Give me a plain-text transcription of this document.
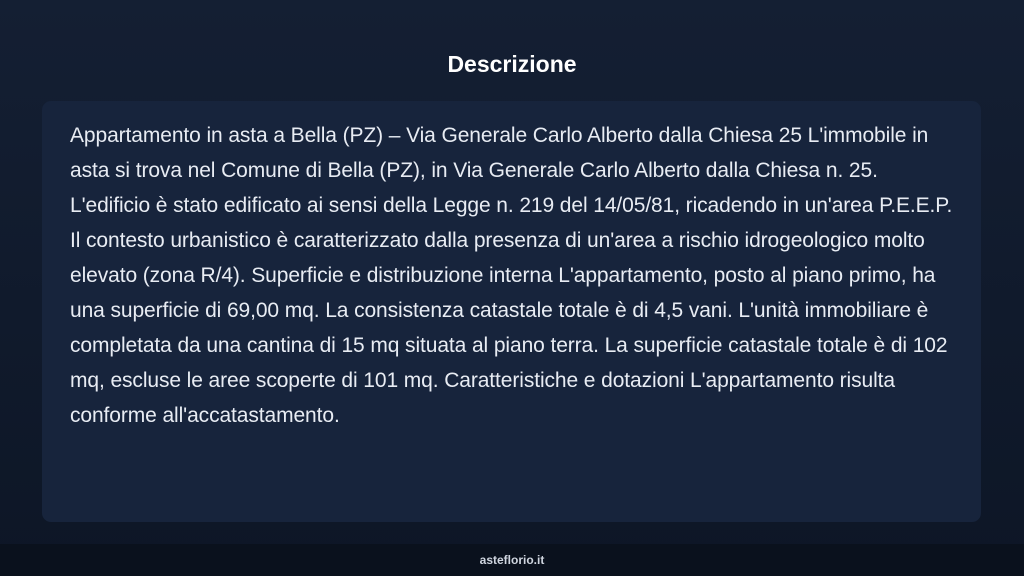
Descrizione

Appartamento in asta a Bella (PZ) – Via Generale Carlo Alberto dalla Chiesa 25 L'immobile in asta si trova nel Comune di Bella (PZ), in Via Generale Carlo Alberto dalla Chiesa n. 25. L'edificio è stato edificato ai sensi della Legge n. 219 del 14/05/81, ricadendo in un'area P.E.E.P. Il contesto urbanistico è caratterizzato dalla presenza di un'area a rischio idrogeologico molto elevato (zona R/4). Superficie e distribuzione interna L'appartamento, posto al piano primo, ha una superficie di 69,00 mq. La consistenza catastale totale è di 4,5 vani. L'unità immobiliare è completata da una cantina di 15 mq situata al piano terra. La superficie catastale totale è di 102 mq, escluse le aree scoperte di 101 mq. Caratteristiche e dotazioni L'appartamento risulta conforme all'accatastamento.

asteflorio.it
